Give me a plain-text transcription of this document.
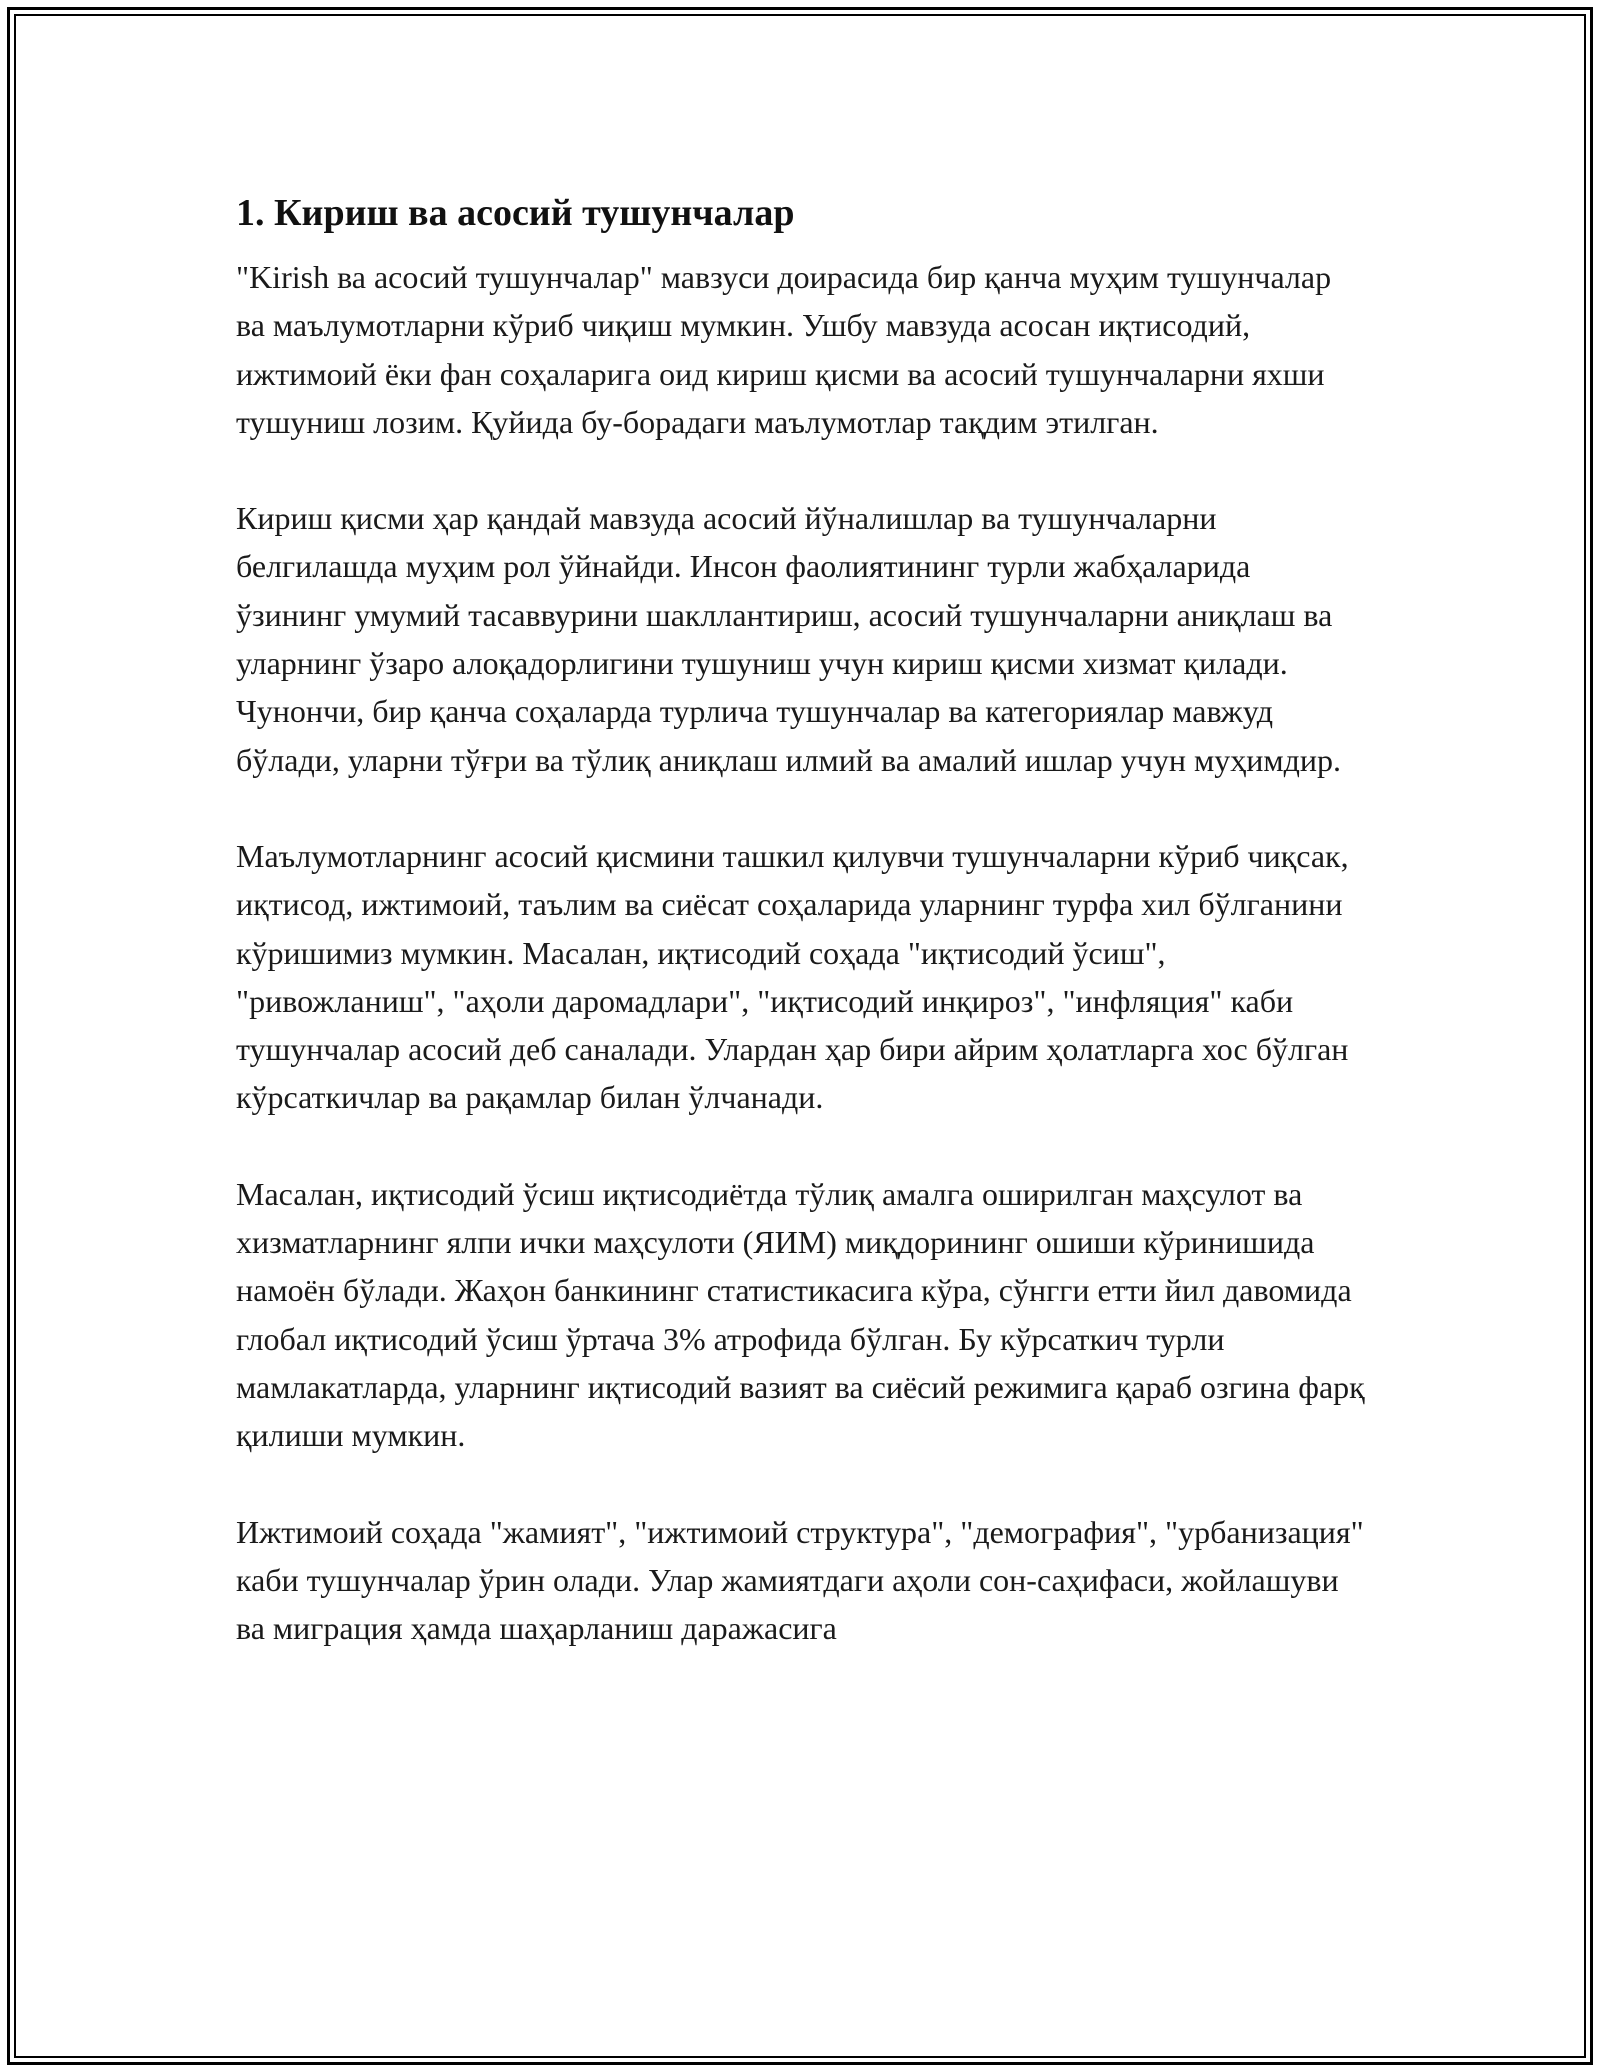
1. Кириш ва асосий тушунчалар

"Kirish ва асосий тушунчалар" мавзуси доирасида бир қанча муҳим тушунчалар ва маълумотларни кўриб чиқиш мумкин. Ушбу мавзуда асосан иқтисодий, ижтимоий ёки фан соҳаларига оид кириш қисми ва асосий тушунчаларни яхши тушуниш лозим. Қуйида бу-борадаги маълумотлар тақдим этилган.

Кириш қисми ҳар қандай мавзуда асосий йўналишлар ва тушунчаларни белгилашда муҳим рол ўйнайди. Инсон фаолиятининг турли жабҳаларида ўзининг умумий тасаввурини шакллантириш, асосий тушунчаларни аниқлаш ва уларнинг ўзаро алоқадорлигини тушуниш учун кириш қисми хизмат қилади. Чунончи, бир қанча соҳаларда турлича тушунчалар ва категориялар мавжуд бўлади, уларни тўғри ва тўлиқ аниқлаш илмий ва амалий ишлар учун муҳимдир.

Маълумотларнинг асосий қисмини ташкил қилувчи тушунчаларни кўриб чиқсак, иқтисод, ижтимоий, таълим ва сиёсат соҳаларида уларнинг турфа хил бўлганини кўришимиз мумкин. Масалан, иқтисодий соҳада "иқтисодий ўсиш", "ривожланиш", "аҳоли даромадлари", "иқтисодий инқироз", "инфляция" каби тушунчалар асосий деб саналади. Улардан ҳар бири айрим ҳолатларга хос бўлган кўрсаткичлар ва рақамлар билан ўлчанади.

Масалан, иқтисодий ўсиш иқтисодиётда тўлиқ амалга оширилган маҳсулот ва хизматларнинг ялпи ички маҳсулоти (ЯИМ) миқдорининг ошиши кўринишида намоён бўлади. Жаҳон банкининг статистикасига кўра, сўнгги етти йил давомида глобал иқтисодий ўсиш ўртача 3% атрофида бўлган. Бу кўрсаткич турли мамлакатларда, уларнинг иқтисодий вазият ва сиёсий режимига қараб озгина фарқ қилиши мумкин.

Ижтимоий соҳада "жамият", "ижтимоий структура", "демография", "урбанизация" каби тушунчалар ўрин олади. Улар жамиятдаги аҳоли сон-саҳифаси, жойлашуви ва миграция ҳамда шаҳарланиш даражасига
